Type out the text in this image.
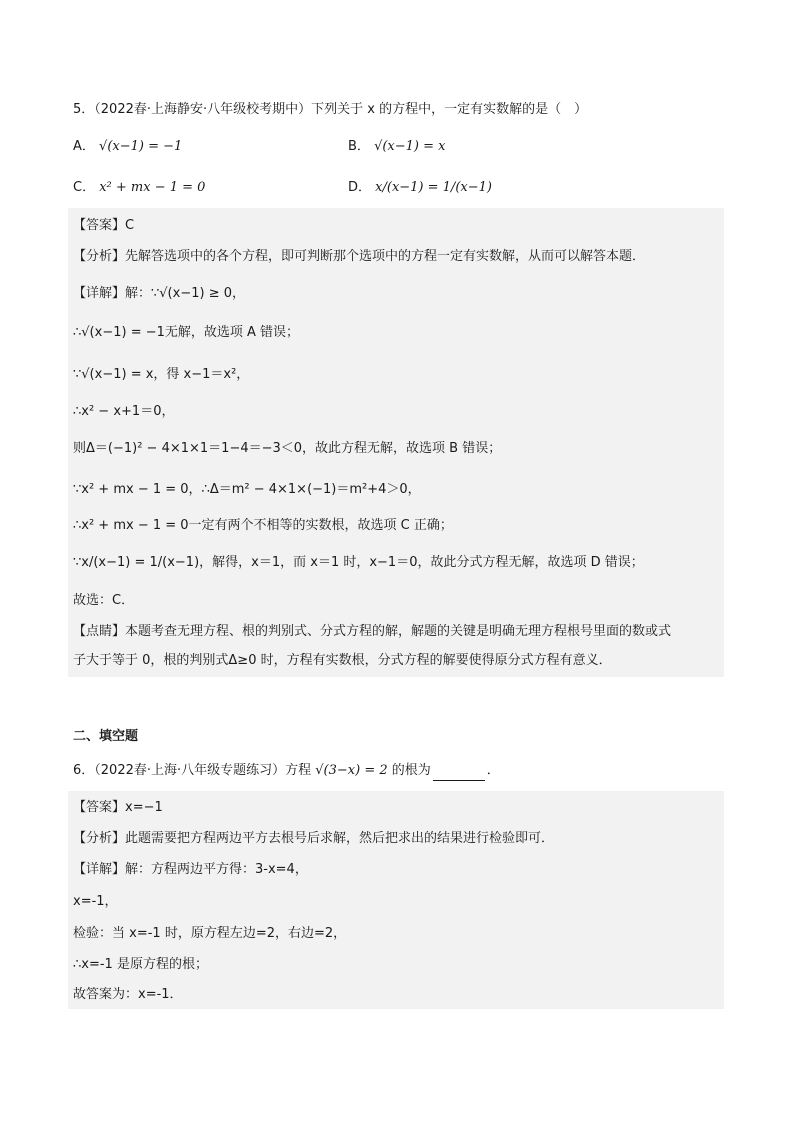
5．（2022春·上海静安·八年级校考期中）下列关于 x 的方程中，一定有实数解的是（　）
A． √(x−1) = −1	B． √(x−1) = x
C． x² + mx − 1 = 0	D． x/(x−1) = 1/(x−1)
【答案】C
【分析】先解答选项中的各个方程，即可判断那个选项中的方程一定有实数解，从而可以解答本题．
【详解】解：∵√(x−1) ≥ 0，
∴√(x−1) = −1无解，故选项 A 错误；
∵√(x−1) = x，得 x−1＝x²，
∴x² − x+1＝0，
则Δ＝(−1)² − 4×1×1＝1−4＝−3＜0，故此方程无解，故选项 B 错误；
∵x² + mx − 1 = 0，∴Δ＝m² − 4×1×(−1)＝m²+4＞0，
∴x² + mx − 1 = 0一定有两个不相等的实数根，故选项 C 正确；
∵x/(x−1) = 1/(x−1)，解得，x＝1，而 x＝1 时，x−1＝0，故此分式方程无解，故选项 D 错误；
故选：C．
【点睛】本题考查无理方程、根的判别式、分式方程的解，解题的关键是明确无理方程根号里面的数或式
子大于等于 0，根的判别式Δ≥0 时，方程有实数根，分式方程的解要使得原分式方程有意义．
二、填空题
6．（2022春·上海·八年级专题练习）方程 √(3−x) = 2 的根为	．
【答案】x=−1
【分析】此题需要把方程两边平方去根号后求解，然后把求出的结果进行检验即可．
【详解】解：方程两边平方得：3-x=4，
x=-1，
检验：当 x=-1 时，原方程左边=2，右边=2，
∴x=-1 是原方程的根；
故答案为：x=-1．
